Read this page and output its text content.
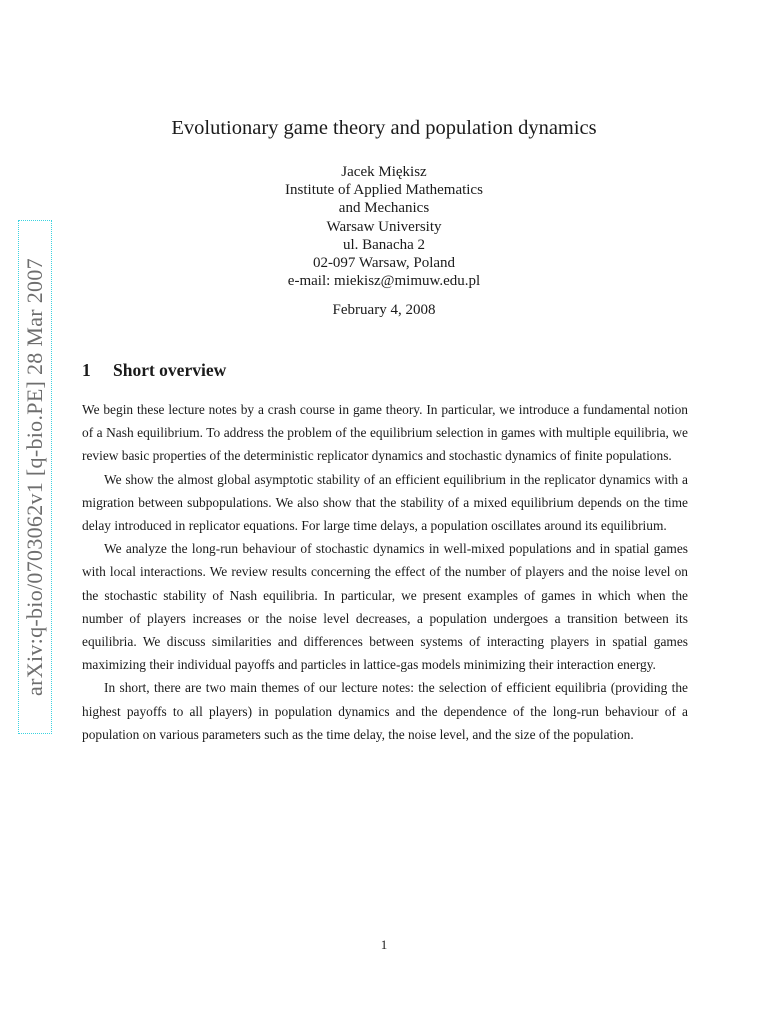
arXiv:q-bio/0703062v1 [q-bio.PE] 28 Mar 2007
Evolutionary game theory and population dynamics
Jacek Miękisz
Institute of Applied Mathematics
and Mechanics
Warsaw University
ul. Banacha 2
02-097 Warsaw, Poland
e-mail: miekisz@mimuw.edu.pl
February 4, 2008
1 Short overview

We begin these lecture notes by a crash course in game theory. In particular, we introduce a fundamental notion of a Nash equilibrium. To address the problem of the equilibrium selection in games with multiple equilibria, we review basic properties of the deterministic replicator dynamics and stochastic dynamics of finite populations.

We show the almost global asymptotic stability of an efficient equilibrium in the replicator dynamics with a migration between subpopulations. We also show that the stability of a mixed equilibrium depends on the time delay introduced in replicator equations. For large time delays, a population oscillates around its equilibrium.

We analyze the long-run behaviour of stochastic dynamics in well-mixed populations and in spatial games with local interactions. We review results concerning the effect of the number of players and the noise level on the stochastic stability of Nash equilibria. In particular, we present examples of games in which when the number of players increases or the noise level decreases, a population undergoes a transition between its equilibria. We discuss similarities and differences between systems of interacting players in spatial games maximizing their individual payoffs and particles in lattice-gas models minimizing their interaction energy.

In short, there are two main themes of our lecture notes: the selection of efficient equilibria (providing the highest payoffs to all players) in population dynamics and the dependence of the long-run behaviour of a population on various parameters such as the time delay, the noise level, and the size of the population.

1
